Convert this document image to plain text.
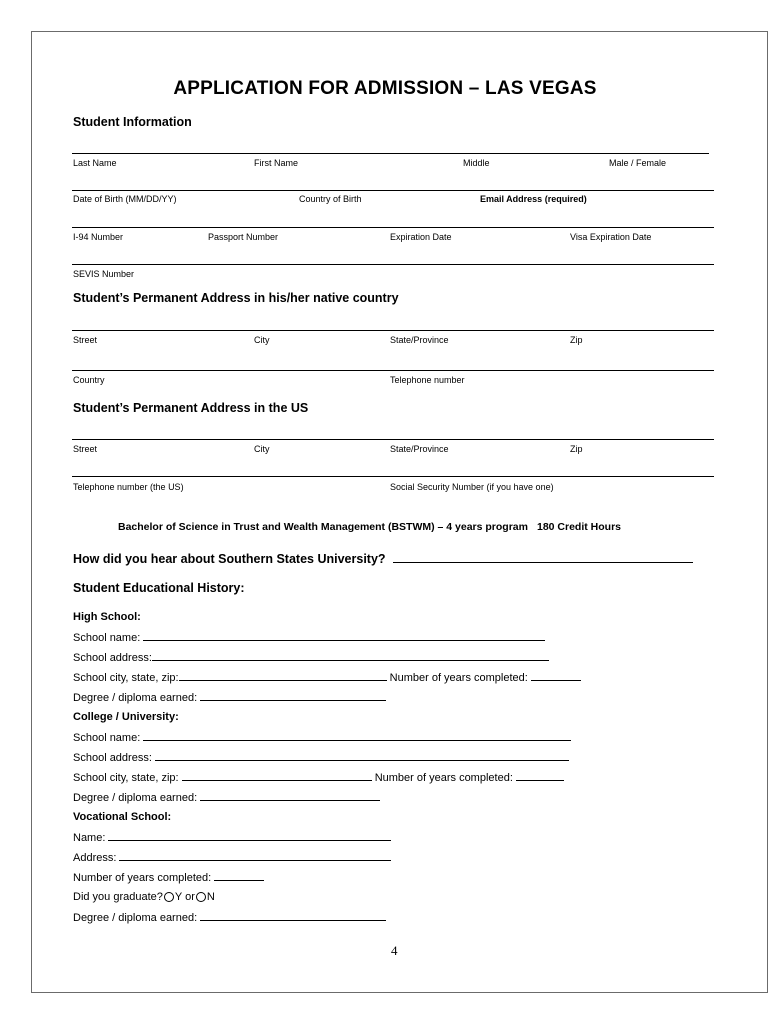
APPLICATION FOR ADMISSION – LAS VEGAS
Student Information
Last Name	First Name	Middle	Male / Female
Date of Birth (MM/DD/YY)	Country of Birth	Email Address (required)
I-94 Number	Passport Number	Expiration Date	Visa Expiration Date
SEVIS Number
Student’s Permanent Address in his/her native country
Street	City	State/Province	Zip
Country	Telephone number
Student’s Permanent Address in the US
Street	City	State/Province	Zip
Telephone number (the US)	Social Security Number (if you have one)
Bachelor of Science in Trust and Wealth Management (BSTWM) – 4 years program 180 Credit Hours
How did you hear about Southern States University?
Student Educational History:
High School:
School name:
School address:
School city, state, zip:	Number of years completed:
Degree / diploma earned:
College / University:
School name:
School address:
School city, state, zip:	Number of years completed:
Degree / diploma earned:
Vocational School:
Name:
Address:
Number of years completed:
Did you graduate? Y or N
Degree / diploma earned:
4
